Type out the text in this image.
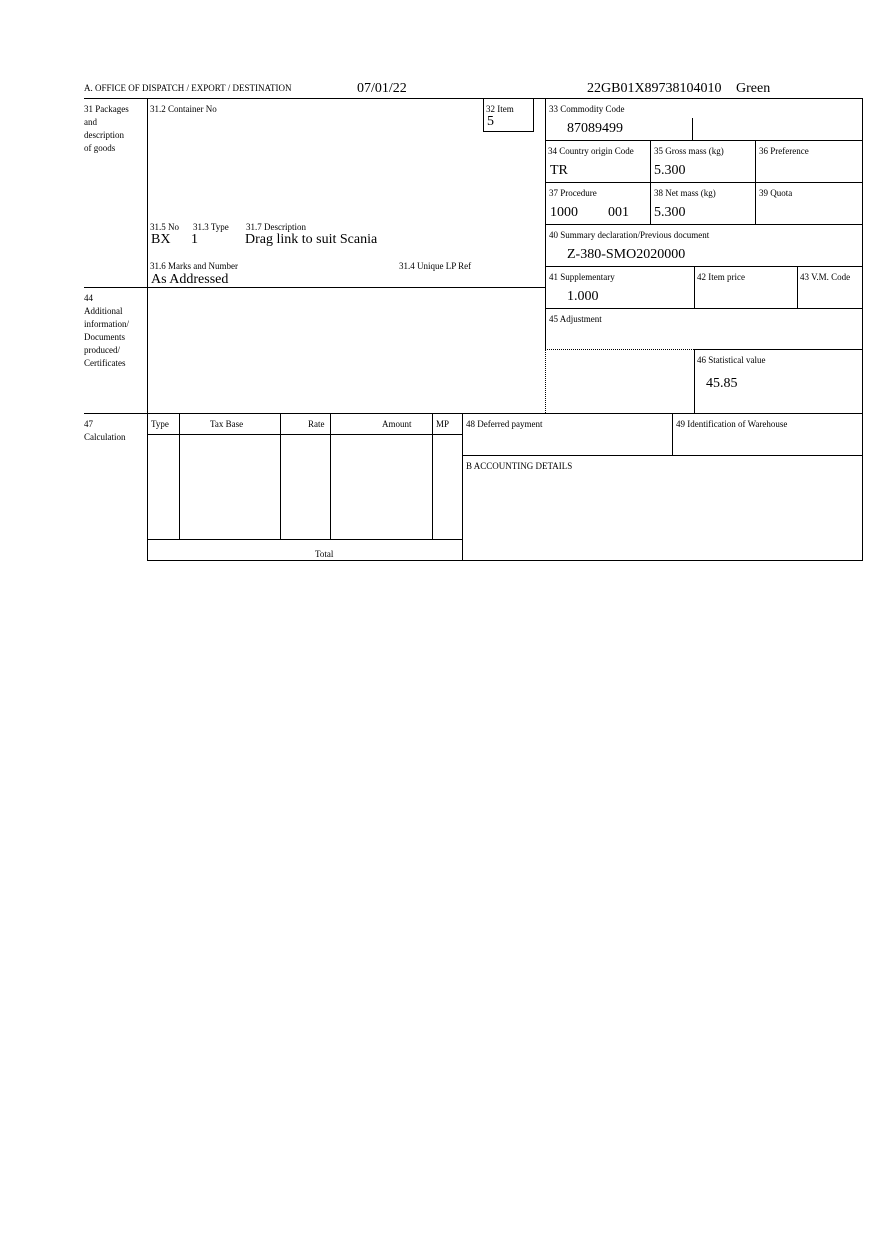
A. OFFICE OF DISPATCH / EXPORT / DESTINATION	07/01/22	22GB01X89738104010 Green
31 Packages
and
description
of goods
31.2 Container No
31.5 No 31.3 Type 31.7 Description
BX 1	Drag link to suit Scania
31.6 Marks and Number
As Addressed
31.4 Unique LP Ref
32 Item
5
33 Commodity Code
87089499
34 Country origin Code
TR
35 Gross mass (kg)
5.300
36 Preference
37 Procedure
1000 001
38 Net mass (kg)
5.300
39 Quota
40 Summary declaration/Previous document
Z-380-SMO2020000
41 Supplementary
1.000
42 Item price	43 V.M. Code
45 Adjustment
46 Statistical value
45.85
44
Additional
information/
Documents
produced/
Certificates
47
Calculation
Type	Tax Base	Rate	Amount	MP
Total
48 Deferred payment	49 Identification of Warehouse
B ACCOUNTING DETAILS
